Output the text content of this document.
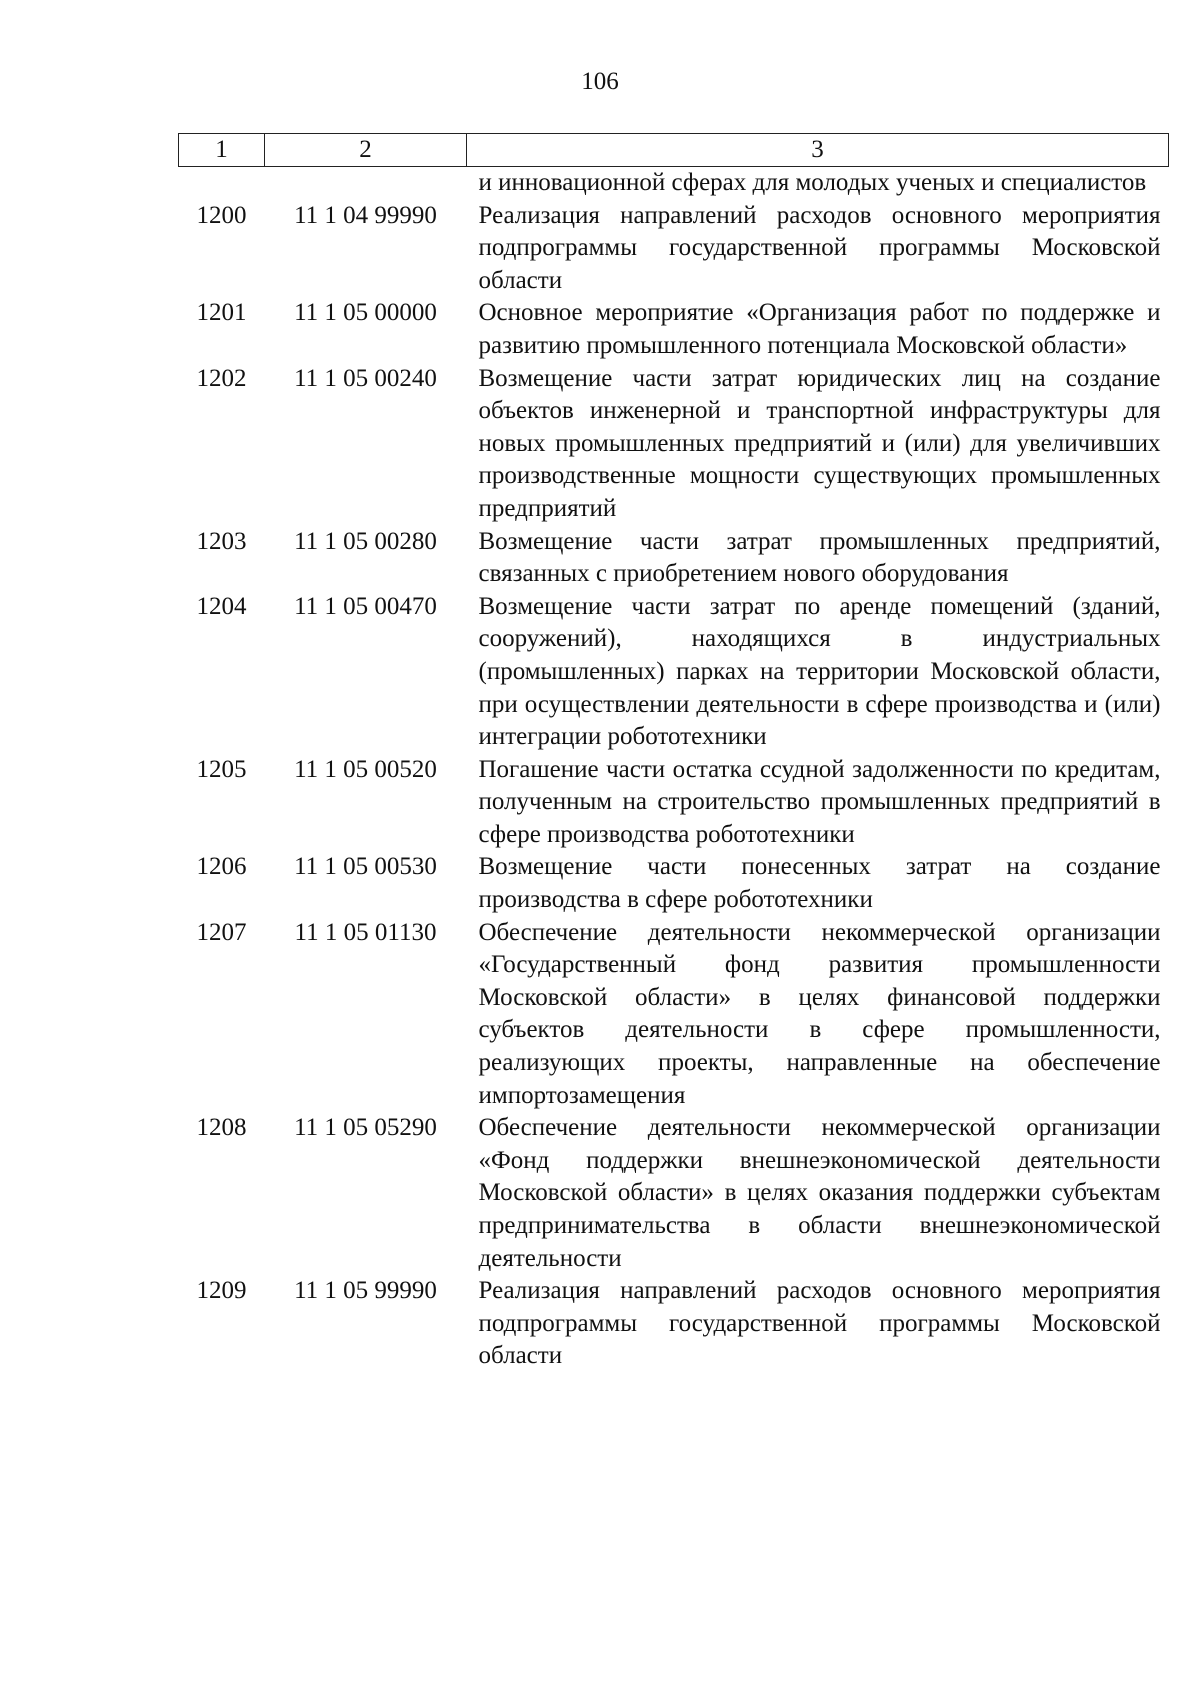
106
1	2	3
		и инновационной сферах для молодых ученых и специалистов
1200	11 1 04 99990	Реализация направлений расходов основного мероприятия подпрограммы государственной программы Московской области
1201	11 1 05 00000	Основное мероприятие «Организация работ по поддержке и развитию промышленного потенциала Московской области»
1202	11 1 05 00240	Возмещение части затрат юридических лиц на создание объектов инженерной и транспортной инфраструктуры для новых промышленных предприятий и (или) для увеличивших производственные мощности существующих промышленных предприятий
1203	11 1 05 00280	Возмещение части затрат промышленных предприятий, связанных с приобретением нового оборудования
1204	11 1 05 00470	Возмещение части затрат по аренде помещений (зданий, сооружений), находящихся в индустриальных (промышленных) парках на территории Московской области, при осуществлении деятельности в сфере производства и (или) интеграции робототехники
1205	11 1 05 00520	Погашение части остатка ссудной задолженности по кредитам, полученным на строительство промышленных предприятий в сфере производства робототехники
1206	11 1 05 00530	Возмещение части понесенных затрат на создание производства в сфере робототехники
1207	11 1 05 01130	Обеспечение деятельности некоммерческой организации «Государственный фонд развития промышленности Московской области» в целях финансовой поддержки субъектов деятельности в сфере промышленности, реализующих проекты, направленные на обеспечение импортозамещения
1208	11 1 05 05290	Обеспечение деятельности некоммерческой организации «Фонд поддержки внешнеэкономической деятельности Московской области» в целях оказания поддержки субъектам предпринимательства в области внешнеэкономической деятельности
1209	11 1 05 99990	Реализация направлений расходов основного мероприятия подпрограммы государственной программы Московской области
